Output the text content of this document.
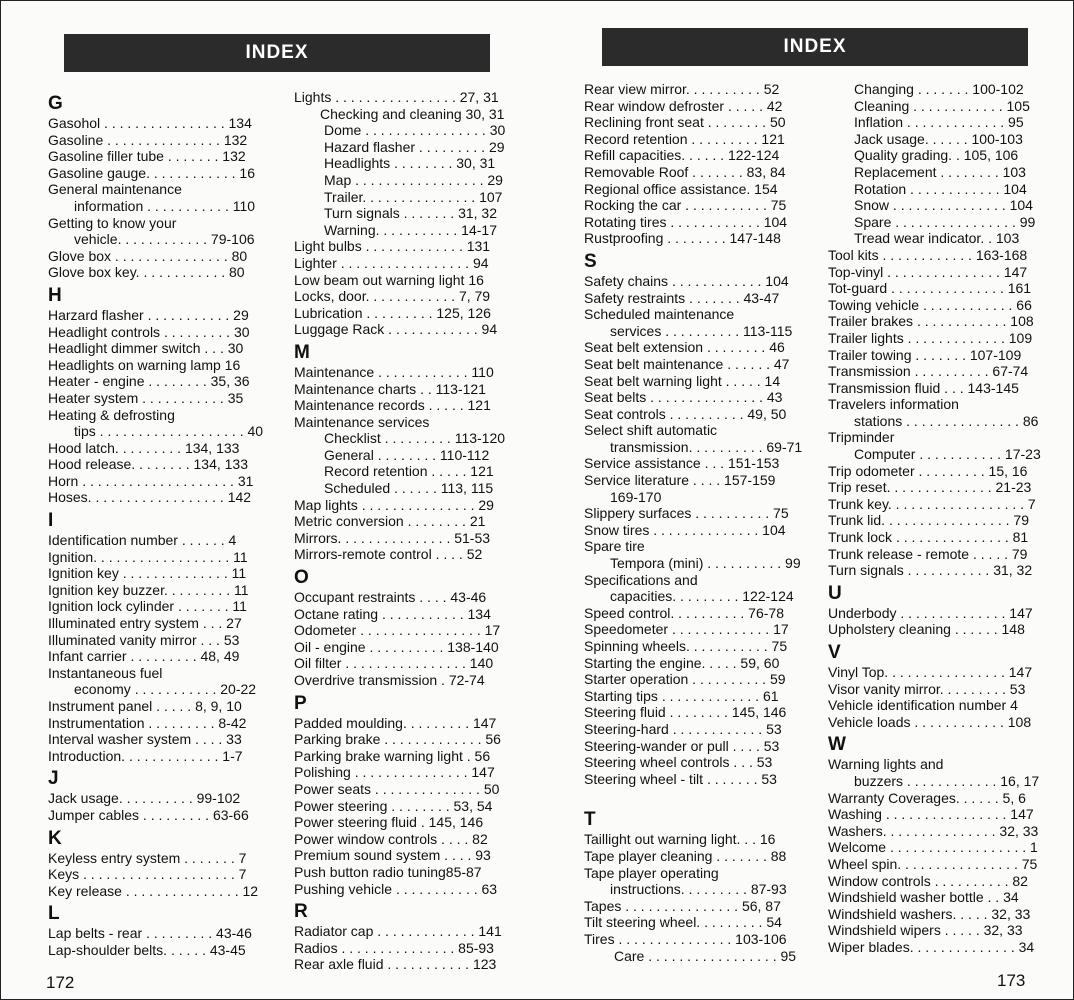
INDEX	INDEX
G
Gasohol . . . . . . . . . . . . . . . . 134
Gasoline . . . . . . . . . . . . . . . 132
Gasoline filler tube . . . . . . . 132
Gasoline gauge. . . . . . . . . . . . 16
General maintenance
information . . . . . . . . . . . 110
Getting to know your
vehicle. . . . . . . . . . . . 79-106
Glove box . . . . . . . . . . . . . . . 80
Glove box key. . . . . . . . . . . . 80
H
Harzard flasher . . . . . . . . . . . 29
Headlight controls . . . . . . . . . 30
Headlight dimmer switch . . . 30
Headlights on warning lamp 16
Heater - engine . . . . . . . . 35, 36
Heater system . . . . . . . . . . . 35
Heating & defrosting
tips . . . . . . . . . . . . . . . . . . . 40
Hood latch. . . . . . . . . 134, 133
Hood release. . . . . . . . 134, 133
Horn . . . . . . . . . . . . . . . . . . . . 31
Hoses. . . . . . . . . . . . . . . . . . 142
I
Identification number . . . . . . 4
Ignition. . . . . . . . . . . . . . . . . . 11
Ignition key . . . . . . . . . . . . . . 11
Ignition key buzzer. . . . . . . . . 11
Ignition lock cylinder . . . . . . . 11
Illuminated entry system . . . 27
Illuminated vanity mirror . . . 53
Infant carrier . . . . . . . . . 48, 49
Instantaneous fuel
economy . . . . . . . . . . . 20-22
Instrument panel . . . . . 8, 9, 10
Instrumentation . . . . . . . . . 8-42
Interval washer system . . . . 33
Introduction. . . . . . . . . . . . . 1-7
J
Jack usage. . . . . . . . . . 99-102
Jumper cables . . . . . . . . . 63-66
K
Keyless entry system . . . . . . . 7
Keys . . . . . . . . . . . . . . . . . . . . 7
Key release . . . . . . . . . . . . . . . 12
L
Lap belts - rear . . . . . . . . . 43-46
Lap-shoulder belts. . . . . . 43-45
Lights . . . . . . . . . . . . . . . . 27, 31
Checking and cleaning 30, 31
Dome . . . . . . . . . . . . . . . . 30
Hazard flasher . . . . . . . . . 29
Headlights . . . . . . . . 30, 31
Map . . . . . . . . . . . . . . . . . 29
Trailer. . . . . . . . . . . . . . . 107
Turn signals . . . . . . . 31, 32
Warning. . . . . . . . . . . 14-17
Light bulbs . . . . . . . . . . . . . 131
Lighter . . . . . . . . . . . . . . . . . 94
Low beam out warning light 16
Locks, door. . . . . . . . . . . . 7, 79
Lubrication . . . . . . . . . 125, 126
Luggage Rack . . . . . . . . . . . . 94
M
Maintenance . . . . . . . . . . . . 110
Maintenance charts . . 113-121
Maintenance records . . . . . 121
Maintenance services
Checklist . . . . . . . . . 113-120
General . . . . . . . . 110-112
Record retention . . . . . 121
Scheduled . . . . . . 113, 115
Map lights . . . . . . . . . . . . . . . 29
Metric conversion . . . . . . . . 21
Mirrors. . . . . . . . . . . . . . . 51-53
Mirrors-remote control . . . . 52
O
Occupant restraints . . . . 43-46
Octane rating . . . . . . . . . . . 134
Odometer . . . . . . . . . . . . . . . . 17
Oil - engine . . . . . . . . . . 138-140
Oil filter . . . . . . . . . . . . . . . . 140
Overdrive transmission . 72-74
P
Padded moulding. . . . . . . . . 147
Parking brake . . . . . . . . . . . . . 56
Parking brake warning light . 56
Polishing . . . . . . . . . . . . . . . 147
Power seats . . . . . . . . . . . . . . 50
Power steering . . . . . . . . 53, 54
Power steering fluid . 145, 146
Power window controls . . . . 82
Premium sound system . . . . 93
Push button radio tuning85-87
Pushing vehicle . . . . . . . . . . . 63
R
Radiator cap . . . . . . . . . . . . . 141
Radios . . . . . . . . . . . . . . . 85-93
Rear axle fluid . . . . . . . . . . . 123
Rear view mirror. . . . . . . . . . 52
Rear window defroster . . . . . 42
Reclining front seat . . . . . . . . 50
Record retention . . . . . . . . . 121
Refill capacities. . . . . . 122-124
Removable Roof . . . . . . . 83, 84
Regional office assistance. 154
Rocking the car . . . . . . . . . . . 75
Rotating tires . . . . . . . . . . . . 104
Rustproofing . . . . . . . . 147-148
S
Safety chains . . . . . . . . . . . . 104
Safety restraints . . . . . . . 43-47
Scheduled maintenance
services . . . . . . . . . . 113-115
Seat belt extension . . . . . . . . 46
Seat belt maintenance . . . . . . 47
Seat belt warning light . . . . . 14
Seat belts . . . . . . . . . . . . . . . 43
Seat controls . . . . . . . . . . 49, 50
Select shift automatic
transmission. . . . . . . . . . 69-71
Service assistance . . . 151-153
Service literature . . . . 157-159
169-170
Slippery surfaces . . . . . . . . . . 75
Snow tires . . . . . . . . . . . . . . 104
Spare tire
Tempora (mini) . . . . . . . . . . 99
Specifications and
capacities. . . . . . . . . 122-124
Speed control. . . . . . . . . . 76-78
Speedometer . . . . . . . . . . . . . 17
Spinning wheels. . . . . . . . . . . 75
Starting the engine. . . . . 59, 60
Starter operation . . . . . . . . . . 59
Starting tips . . . . . . . . . . . . . 61
Steering fluid . . . . . . . . 145, 146
Steering-hard . . . . . . . . . . . . 53
Steering-wander or pull . . . . 53
Steering wheel controls . . . 53
Steering wheel - tilt . . . . . . . 53
T
Taillight out warning light. . . 16
Tape player cleaning . . . . . . . 88
Tape player operating
instructions. . . . . . . . . 87-93
Tapes . . . . . . . . . . . . . . . 56, 87
Tilt steering wheel. . . . . . . . . 54
Tires . . . . . . . . . . . . . . . 103-106
Care . . . . . . . . . . . . . . . . . 95
Changing . . . . . . . 100-102
Cleaning . . . . . . . . . . . . 105
Inflation . . . . . . . . . . . . . 95
Jack usage. . . . . . 100-103
Quality grading. . 105, 106
Replacement . . . . . . . . 103
Rotation . . . . . . . . . . . . 104
Snow . . . . . . . . . . . . . . . 104
Spare . . . . . . . . . . . . . . . . 99
Tread wear indicator. . 103
Tool kits . . . . . . . . . . . . 163-168
Top-vinyl . . . . . . . . . . . . . . . 147
Tot-guard . . . . . . . . . . . . . . . 161
Towing vehicle . . . . . . . . . . . . 66
Trailer brakes . . . . . . . . . . . . 108
Trailer lights . . . . . . . . . . . . . 109
Trailer towing . . . . . . . 107-109
Transmission . . . . . . . . . . 67-74
Transmission fluid . . . 143-145
Travelers information
stations . . . . . . . . . . . . . . . 86
Tripminder
Computer . . . . . . . . . . . 17-23
Trip odometer . . . . . . . . . 15, 16
Trip reset. . . . . . . . . . . . . . 21-23
Trunk key. . . . . . . . . . . . . . . . . . 7
Trunk lid. . . . . . . . . . . . . . . . . 79
Trunk lock . . . . . . . . . . . . . . . 81
Trunk release - remote . . . . . 79
Turn signals . . . . . . . . . . . 31, 32
U
Underbody . . . . . . . . . . . . . . 147
Upholstery cleaning . . . . . . 148
V
Vinyl Top. . . . . . . . . . . . . . . . 147
Visor vanity mirror. . . . . . . . . 53
Vehicle identification number 4
Vehicle loads . . . . . . . . . . . . 108
W
Warning lights and
buzzers . . . . . . . . . . . . 16, 17
Warranty Coverages. . . . . . 5, 6
Washing . . . . . . . . . . . . . . . . 147
Washers. . . . . . . . . . . . . . . 32, 33
Welcome . . . . . . . . . . . . . . . . . . 1
Wheel spin. . . . . . . . . . . . . . . . 75
Window controls . . . . . . . . . . 82
Windshield washer bottle . . 34
Windshield washers. . . . . 32, 33
Windshield wipers . . . . . 32, 33
Wiper blades. . . . . . . . . . . . . . 34
172	173
